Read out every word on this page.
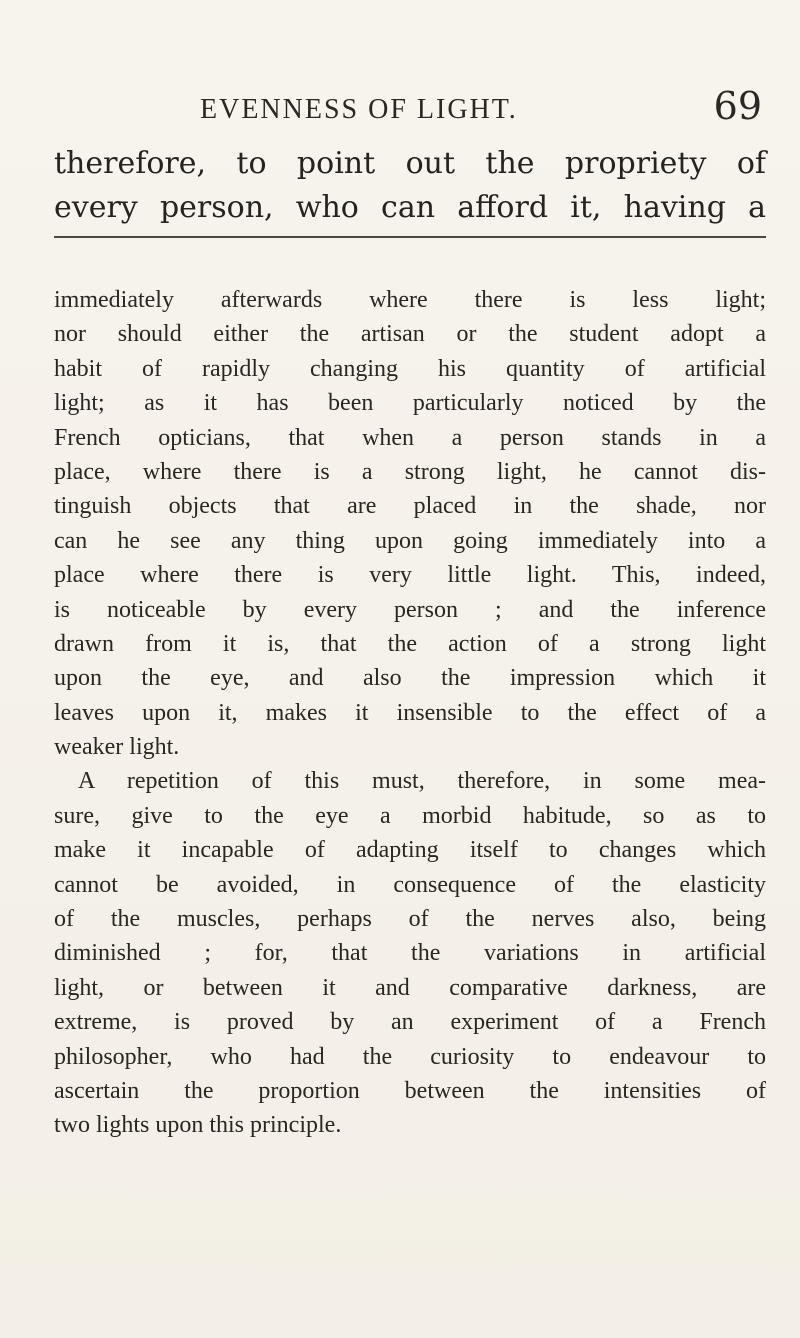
EVENNESS OF LIGHT.	69
therefore, to point out the propriety of
every person, who can afford it, having a
immediately afterwards where there is less light;
nor should either the artisan or the student adopt a
habit of rapidly changing his quantity of artificial
light; as it has been particularly noticed by the
French opticians, that when a person stands in a
place, where there is a strong light, he cannot dis-
tinguish objects that are placed in the shade, nor
can he see any thing upon going immediately into a
place where there is very little light. This, indeed,
is noticeable by every person ; and the inference
drawn from it is, that the action of a strong light
upon the eye, and also the impression which it
leaves upon it, makes it insensible to the effect of a
weaker light.
A repetition of this must, therefore, in some mea-
sure, give to the eye a morbid habitude, so as to
make it incapable of adapting itself to changes which
cannot be avoided, in consequence of the elasticity
of the muscles, perhaps of the nerves also, being
diminished ; for, that the variations in artificial
light, or between it and comparative darkness, are
extreme, is proved by an experiment of a French
philosopher, who had the curiosity to endeavour to
ascertain the proportion between the intensities of
two lights upon this principle.
